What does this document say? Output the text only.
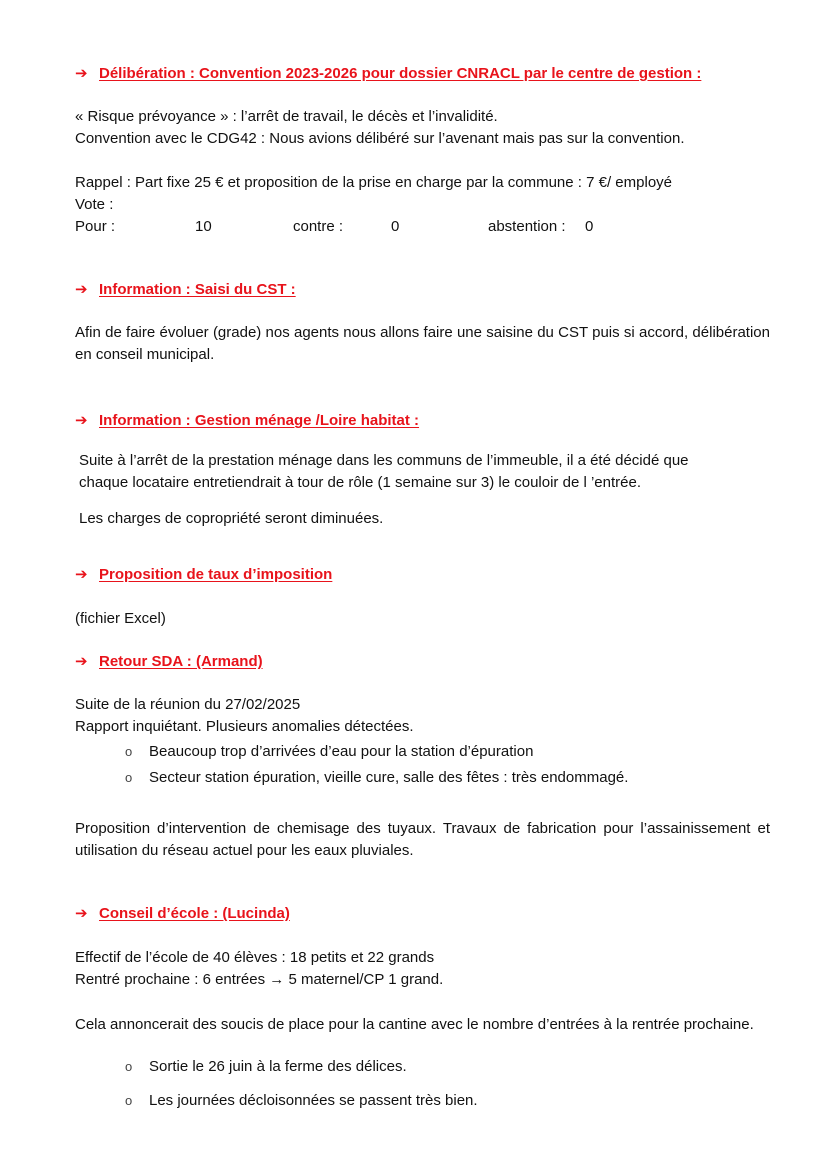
➔ Délibération : Convention 2023-2026 pour dossier CNRACL par le centre de gestion :
« Risque prévoyance » : l’arrêt de travail, le décès et l’invalidité.
Convention avec le CDG42 : Nous avions délibéré sur l’avenant mais pas sur la convention.
Rappel : Part fixe 25 € et proposition de la prise en charge par la commune : 7 €/ employé
Vote :
Pour :	10	contre :	0	abstention : 0
➔ Information : Saisi du CST :
Afin de faire évoluer (grade) nos agents nous allons faire une saisine du CST puis si accord, délibération en conseil municipal.
➔ Information : Gestion ménage /Loire habitat :
Suite à l’arrêt de la prestation ménage dans les communs de l’immeuble, il a été décidé que
chaque locataire entretiendrait à tour de rôle (1 semaine sur 3) le couloir de l ’entrée.
Les charges de copropriété seront diminuées.
➔ Proposition de taux d’imposition
(fichier Excel)
➔ Retour SDA : (Armand)
Suite de la réunion du 27/02/2025
Rapport inquiétant. Plusieurs anomalies détectées.
o Beaucoup trop d’arrivées d’eau pour la station d’épuration
o Secteur station épuration, vieille cure, salle des fêtes : très endommagé.
Proposition d’intervention de chemisage des tuyaux. Travaux de fabrication pour l’assainissement et utilisation du réseau actuel pour les eaux pluviales.
➔ Conseil d’école : (Lucinda)
Effectif de l’école de 40 élèves : 18 petits et 22 grands
Rentré prochaine : 6 entrées → 5 maternel/CP 1 grand.
Cela annoncerait des soucis de place pour la cantine avec le nombre d’entrées à la rentrée prochaine.
o Sortie le 26 juin à la ferme des délices.
o Les journées décloisonnées se passent très bien.
